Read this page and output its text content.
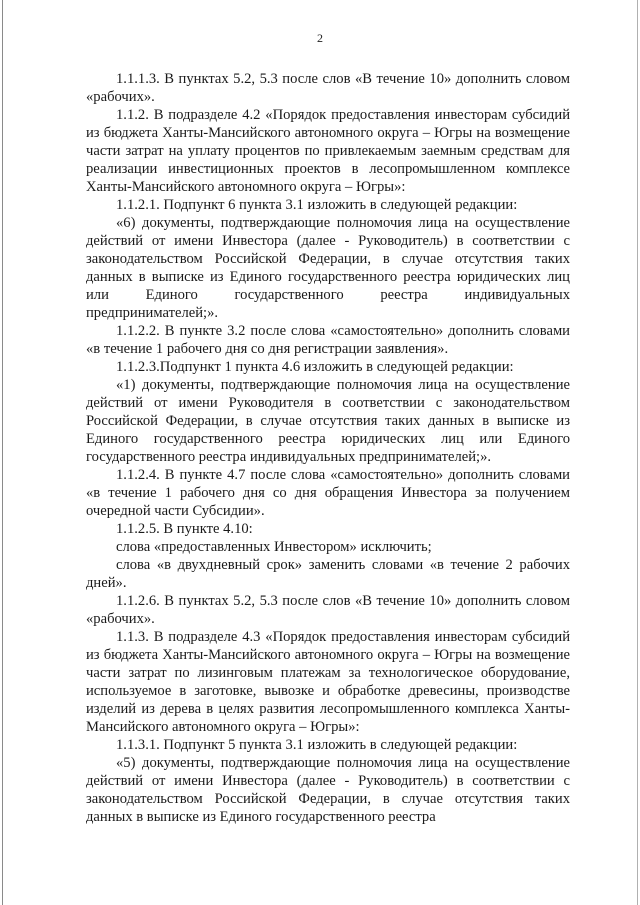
2

1.1.1.3. В пунктах 5.2, 5.3 после слов «В течение 10» дополнить словом «рабочих».

1.1.2. В подразделе 4.2 «Порядок предоставления инвесторам субсидий из бюджета Ханты-Мансийского автономного округа – Югры на возмещение части затрат на уплату процентов по привлекаемым заемным средствам для реализации инвестиционных проектов в лесопромышленном комплексе Ханты-Мансийского автономного округа – Югры»:

1.1.2.1. Подпункт 6 пункта 3.1 изложить в следующей редакции:

«6) документы, подтверждающие полномочия лица на осуществление действий от имени Инвестора (далее - Руководитель) в соответствии с законодательством Российской Федерации, в случае отсутствия таких данных в выписке из Единого государственного реестра юридических лиц или Единого государственного реестра индивидуальных предпринимателей;».

1.1.2.2. В пункте 3.2 после слова «самостоятельно» дополнить словами «в течение 1 рабочего дня со дня регистрации заявления».

1.1.2.3.Подпункт 1 пункта 4.6 изложить в следующей редакции:

«1) документы, подтверждающие полномочия лица на осуществление действий от имени Руководителя в соответствии с законодательством Российской Федерации, в случае отсутствия таких данных в выписке из Единого государственного реестра юридических лиц или Единого государственного реестра индивидуальных предпринимателей;».

1.1.2.4. В пункте 4.7 после слова «самостоятельно» дополнить словами «в течение 1 рабочего дня со дня обращения Инвестора за получением очередной части Субсидии».

1.1.2.5. В пункте 4.10:

слова «предоставленных Инвестором» исключить;

слова «в двухдневный срок» заменить словами «в течение 2 рабочих дней».

1.1.2.6. В пунктах 5.2, 5.3 после слов «В течение 10» дополнить словом «рабочих».

1.1.3. В подразделе 4.3 «Порядок предоставления инвесторам субсидий из бюджета Ханты-Мансийского автономного округа – Югры на возмещение части затрат по лизинговым платежам за технологическое оборудование, используемое в заготовке, вывозке и обработке древесины, производстве изделий из дерева в целях развития лесопромышленного комплекса Ханты-Мансийского автономного округа – Югры»:

1.1.3.1. Подпункт 5 пункта 3.1 изложить в следующей редакции:

«5) документы, подтверждающие полномочия лица на осуществление действий от имени Инвестора (далее - Руководитель) в соответствии с законодательством Российской Федерации, в случае отсутствия таких данных в выписке из Единого государственного реестра
